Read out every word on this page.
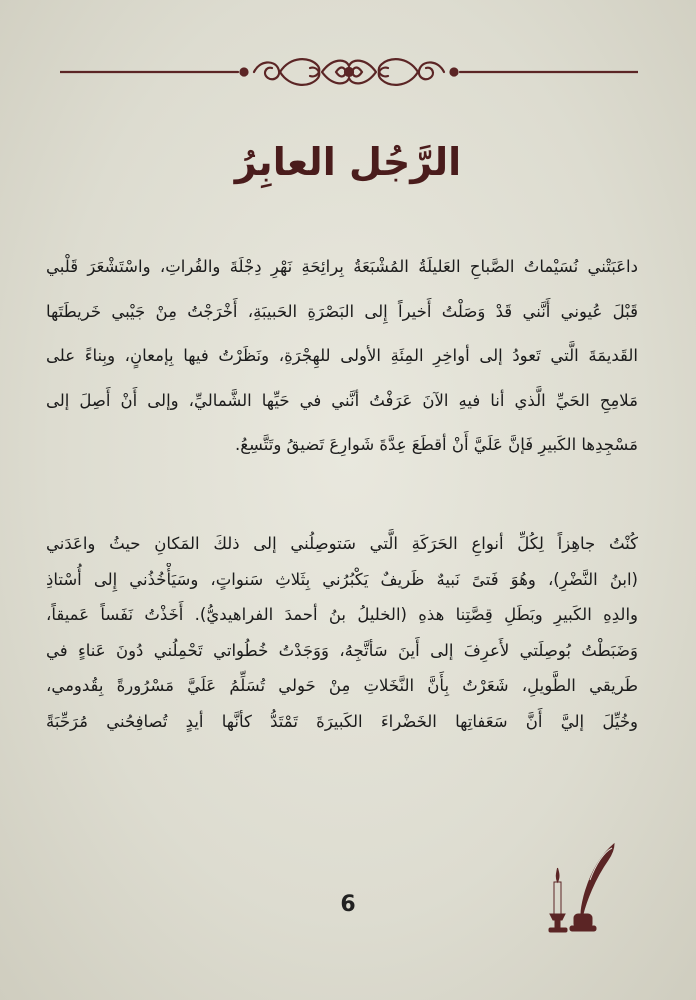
الرَّجُل العابِرُ
داعَبَتْني نُسَيْماتُ الصَّباحِ العَليلَةُ المُشْبَعَةُ بِرائِحَةِ نَهْرِ دِجْلَةَ والفُراتِ، واسْتَشْعَرَ قَلْبي
قَبْلَ عُيوني أَنَّني قَدْ وَصَلْتُ أَخيراً إِلى البَصْرَةِ الحَبيبَةِ، أَخْرَجْتُ مِنْ جَيْبي خَريطَتَها
القَديمَةَ الَّتي تَعودُ إلى أواخِرِ المِئَةِ الأولى للهِجْرَةِ، ونَظَرْتُ فيها بِإمعانٍ، وبِناءً على
مَلامِحِ الحَيِّ الَّذي أنا فيهِ الآنَ عَرَفْتُ أنَّني في حَيِّها الشَّماليِّ، وإلى أَنْ أَصِلَ إلى
مَسْجِدِها الكَبيرِ فَإنَّ عَلَيَّ أَنْ أقطَعَ عِدَّةَ شَوارِعَ تَضيقُ وتَتَّسِعُ.
كُنْتُ جاهِزاً لِكُلِّ أنواعِ الحَرَكَةِ الَّتي سَتوصِلُني إلى ذلكَ المَكانِ حيثُ واعَدَني
(ابنُ النَّضْرِ)، وهُوَ فَتىً نَبيهٌ ظَريفٌ يَكْبُرُني بِثَلاثِ سَنواتٍ، وسَيَأْخُذُني إِلى أُسْتاذِ
والدِهِ الكَبيرِ وبَطَلِ قِصَّتِنا هذهِ (الخليلُ بنُ أحمدَ الفراهيديُّ). أَخَذْتُ نَفَساً عَميقاً،
وَضَبَطْتُ بُوصِلَتي لأَعرِفَ إلى أَينَ سَأتَّجِهُ، وَوَجَدْتُ خُطُواتي تَحْمِلُني دُونَ عَناءٍ في
طَريقي الطَّويلِ، شَعَرْتُ بِأَنَّ النَّخَلاتِ مِنْ حَولي تُسَلِّمُ عَلَيَّ مَسْرُورةً بِقُدومي،
وخُيِّلَ إليَّ أَنَّ سَعَفاتِها الخَضْراءَ الكَبيرَةَ تَمْتَدُّ كأنَّها أيدٍ تُصافِحُني مُرَحِّبَةً
6
